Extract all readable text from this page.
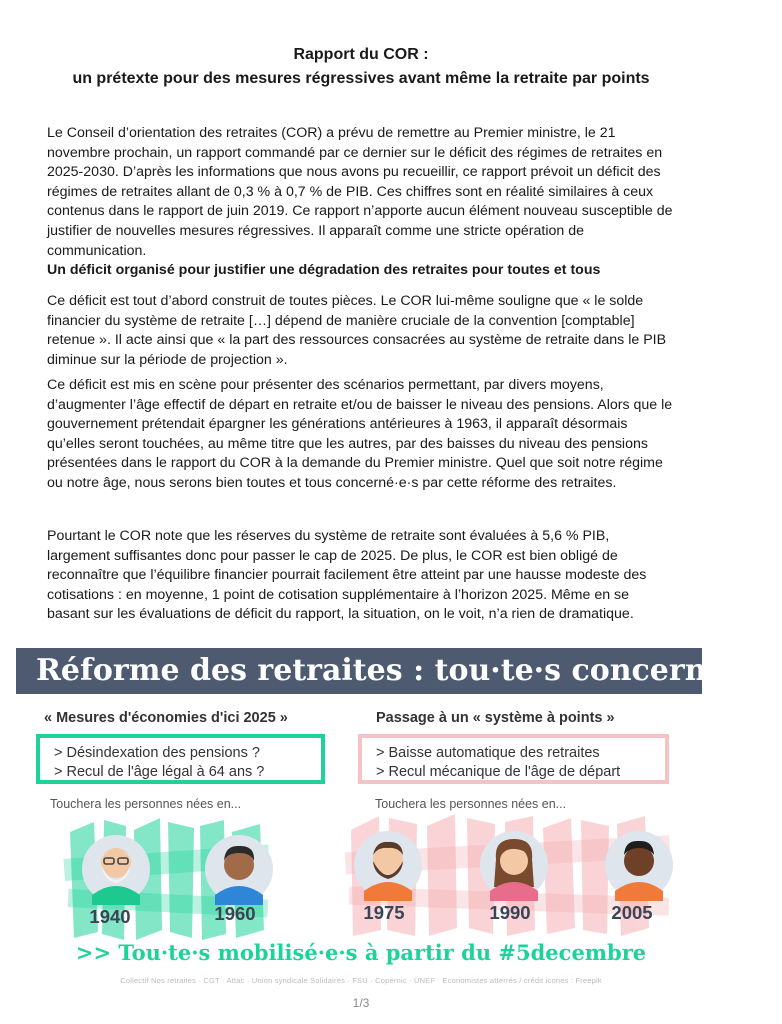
Rapport du COR :
un prétexte pour des mesures régressives avant même la retraite par points

Le Conseil d’orientation des retraites (COR) a prévu de remettre au Premier ministre, le 21 novembre prochain, un rapport commandé par ce dernier sur le déficit des régimes de retraites en 2025-2030. D’après les informations que nous avons pu recueillir, ce rapport prévoit un déficit des régimes de retraites allant de 0,3 % à 0,7 % de PIB. Ces chiffres sont en réalité similaires à ceux contenus dans le rapport de juin 2019. Ce rapport n’apporte aucun élément nouveau susceptible de justifier de nouvelles mesures régressives. Il apparaît comme une stricte opération de communication.

Un déficit organisé pour justifier une dégradation des retraites pour toutes et tous

Ce déficit est tout d’abord construit de toutes pièces. Le COR lui-même souligne que « le solde financier du système de retraite […] dépend de manière cruciale de la convention [comptable] retenue ». Il acte ainsi que « la part des ressources consacrées au système de retraite dans le PIB diminue sur la période de projection ».

Ce déficit est mis en scène pour présenter des scénarios permettant, par divers moyens, d’augmenter l’âge effectif de départ en retraite et/ou de baisser le niveau des pensions. Alors que le gouvernement prétendait épargner les générations antérieures à 1963, il apparaît désormais qu’elles seront touchées, au même titre que les autres, par des baisses du niveau des pensions présentées dans le rapport du COR à la demande du Premier ministre. Quel que soit notre régime ou notre âge, nous serons bien toutes et tous concerné·e·s par cette réforme des retraites.

Pourtant le COR note que les réserves du système de retraite sont évaluées à 5,6 % PIB, largement suffisantes donc pour passer le cap de 2025. De plus, le COR est bien obligé de reconnaître que l’équilibre financier pourrait facilement être atteint par une hausse modeste des cotisations : en moyenne, 1 point de cotisation supplémentaire à l’horizon 2025. Même en se basant sur les évaluations de déficit du rapport, la situation, on le voit, n’a rien de dramatique.

Réforme des retraites : tou·te·s concerné·e·s
« Mesures d'économies d'ici 2025 »	Passage à un « système à points »
> Désindexation des pensions ?
> Recul de l'âge légal à 64 ans ?
> Baisse automatique des retraites
> Recul mécanique de l'âge de départ
Touchera les personnes nées en...	Touchera les personnes nées en...
1940	1960	1975	1990	2005
>> Tou·te·s mobilisé·e·s à partir du #5decembre
Collectif Nos retraites · CGT · Attac · Union syndicale Solidaires · FSU · Copernic · UNEF · Economistes atterrés / crédit icones : Freepik
1/3
